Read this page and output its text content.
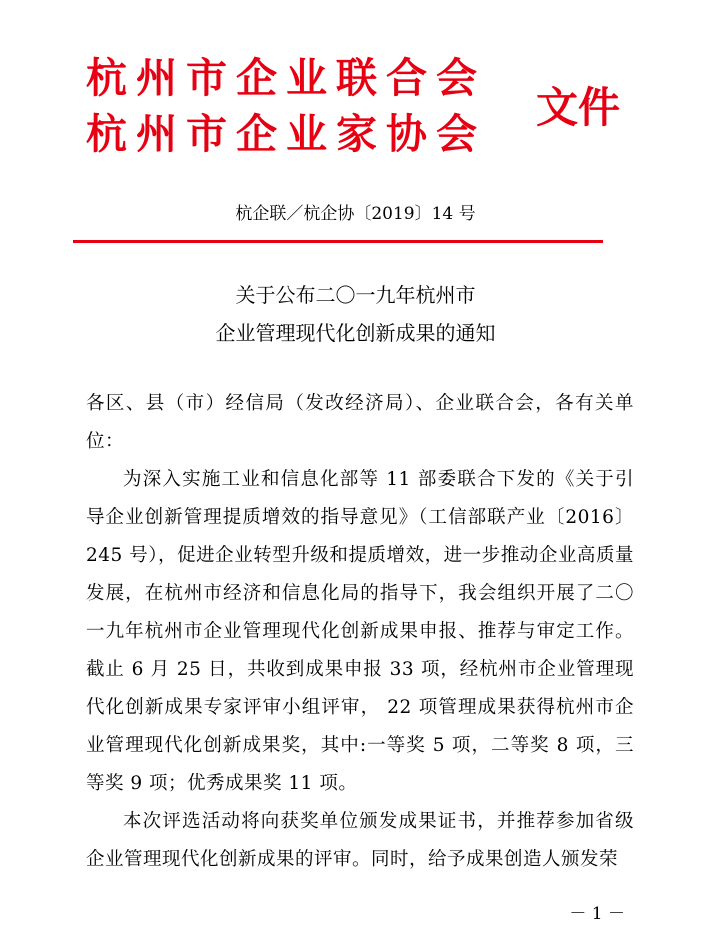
杭州市企业联合会
杭州市企业家协会
文件
杭企联／杭企协〔2019〕14 号
关于公布二〇一九年杭州市
企业管理现代化创新成果的通知

各区、县（市）经信局（发改经济局）、企业联合会，各有关单位：

为深入实施工业和信息化部等 11 部委联合下发的《关于引导企业创新管理提质增效的指导意见》（工信部联产业〔2016〕245 号），促进企业转型升级和提质增效，进一步推动企业高质量发展，在杭州市经济和信息化局的指导下，我会组织开展了二〇一九年杭州市企业管理现代化创新成果申报、推荐与审定工作。截止 6 月 25 日，共收到成果申报 33 项，经杭州市企业管理现代化创新成果专家评审小组评审， 22 项管理成果获得杭州市企业管理现代化创新成果奖，其中:一等奖 5 项，二等奖 8 项，三等奖 9 项；优秀成果奖 11 项。

本次评选活动将向获奖单位颁发成果证书，并推荐参加省级企业管理现代化创新成果的评审。同时，给予成果创造人颁发荣

－ 1 －
